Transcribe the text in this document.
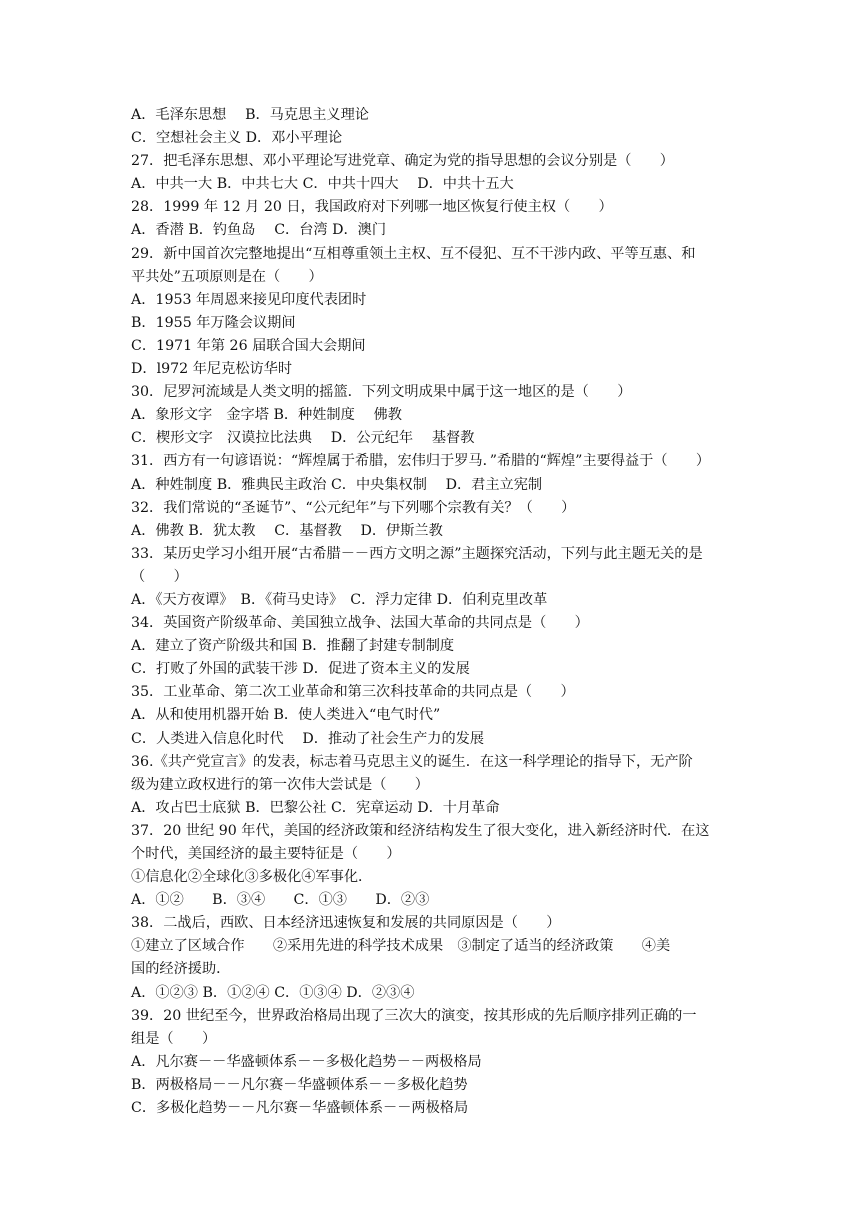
A．毛泽东思想　 B．马克思主义理论
C．空想社会主义 D．邓小平理论
27．把毛泽东思想、邓小平理论写进党章、确定为党的指导思想的会议分别是（　　）
A．中共一大 B．中共七大 C．中共十四大　 D．中共十五大
28．1999 年 12 月 20 日，我国政府对下列哪一地区恢复行使主权（　　）
A．香潜 B．钓鱼岛　 C．台湾 D．澳门
29．新中国首次完整地提出“互相尊重领土主权、互不侵犯、互不干涉内政、平等互惠、和
平共处”五项原则是在（　　）
A．1953 年周恩来接见印度代表团时
B．1955 年万隆会议期间
C．1971 年第 26 届联合国大会期间
D．l972 年尼克松访华时
30．尼罗河流域是人类文明的摇篮．下列文明成果中属于这一地区的是（　　）
A．象形文字　金字塔 B．种姓制度　 佛教
C．楔形文字　汉谟拉比法典　 D．公元纪年　 基督教
31．西方有一句谚语说：“辉煌属于希腊，宏伟归于罗马．”希腊的“辉煌”主要得益于（　　）
A．种姓制度 B．雅典民主政治 C．中央集权制　 D．君主立宪制
32．我们常说的“圣诞节”、“公元纪年”与下列哪个宗教有关？（　　）
A．佛教 B．犹太教　 C．基督教　 D．伊斯兰教
33．某历史学习小组开展“古希腊－－西方文明之源”主题探究活动，下列与此主题无关的是
（　　）
A．《天方夜谭》　B．《荷马史诗》　C．浮力定律 D．伯利克里改革
34．英国资产阶级革命、美国独立战争、法国大革命的共同点是（　　）
A．建立了资产阶级共和国 B．推翻了封建专制制度
C．打败了外国的武装干涉 D．促进了资本主义的发展
35．工业革命、第二次工业革命和第三次科技革命的共同点是（　　）
A．从和使用机器开始 B．使人类进入“电气时代”
C．人类进入信息化时代　 D．推动了社会生产力的发展
36.《共产党宣言》的发表，标志着马克思主义的诞生．在这一科学理论的指导下，无产阶
级为建立政权进行的第一次伟大尝试是（　　）
A．攻占巴士底狱 B．巴黎公社 C．宪章运动 D．十月革命
37．20 世纪 90 年代，美国的经济政策和经济结构发生了很大变化，进入新经济时代．在这
个时代，美国经济的最主要特征是（　　）
①信息化②全球化③多极化④军事化．
A．①②　　B．③④　　C．①③　　D．②③
38．二战后，西欧、日本经济迅速恢复和发展的共同原因是（　　）
①建立了区域合作　　②采用先进的科学技术成果　③制定了适当的经济政策　　④美
国的经济援助．
A．①②③ B．①②④ C．①③④ D．②③④
39．20 世纪至今，世界政治格局出现了三次大的演变，按其形成的先后顺序排列正确的一
组是（　　）
A．凡尔赛－－华盛顿体系－－多极化趋势－－两极格局
B．两极格局－－凡尔赛－华盛顿体系－－多极化趋势
C．多极化趋势－－凡尔赛－华盛顿体系－－两极格局
